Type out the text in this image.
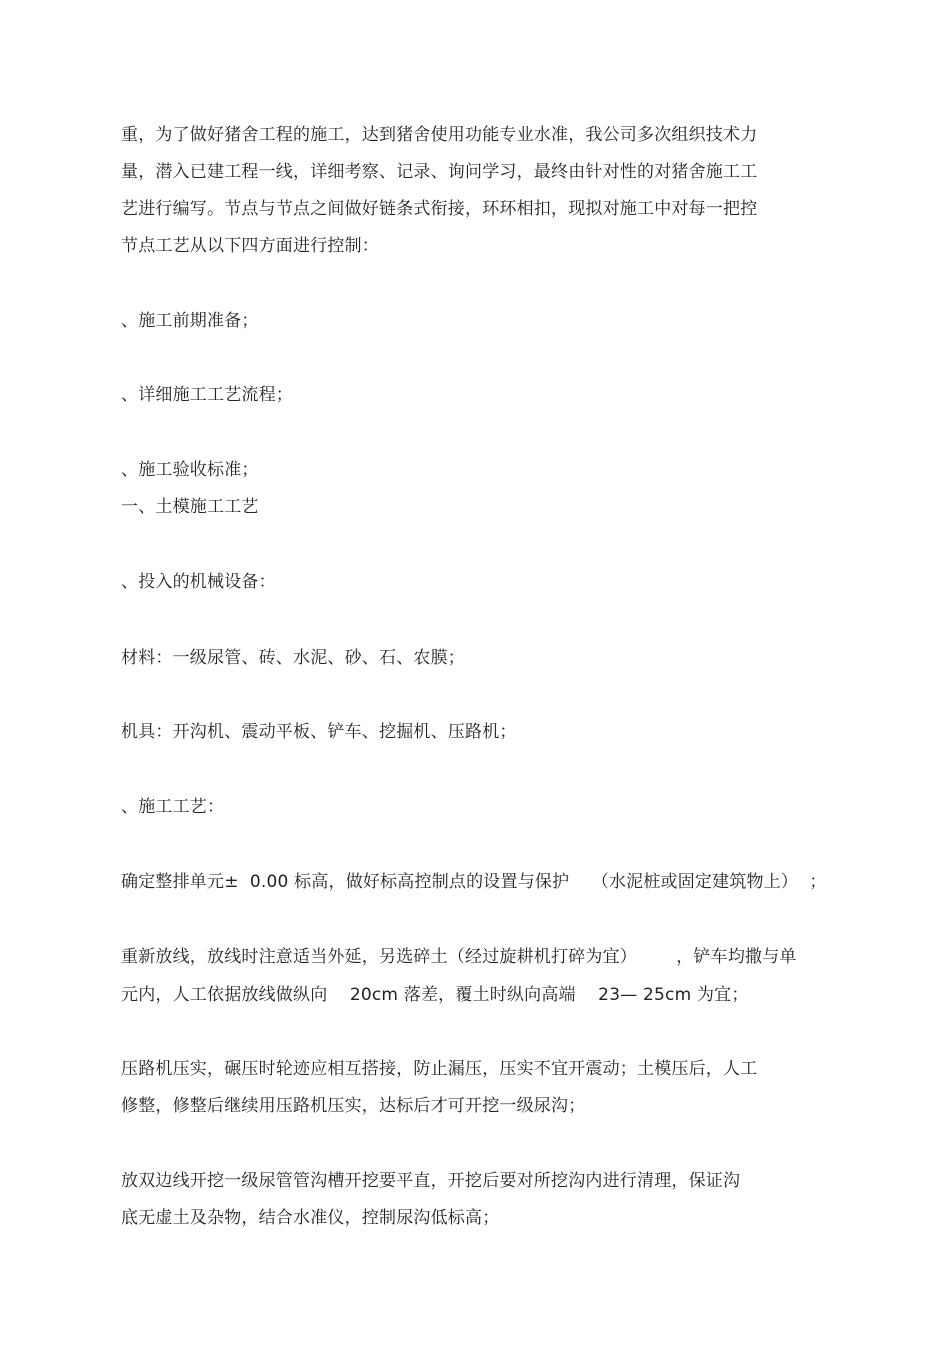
重，为了做好猪舍工程的施工，达到猪舍使用功能专业水准，我公司多次组织技术力
量，潜入已建工程一线，详细考察、记录、询问学习，最终由针对性的对猪舍施工工
艺进行编写。节点与节点之间做好链条式衔接，环环相扣，现拟对施工中对每一把控
节点工艺从以下四方面进行控制：
、施工前期准备；
、详细施工工艺流程；
、施工验收标准；
一、土模施工工艺
、投入的机械设备：
材料：一级尿管、砖、水泥、砂、石、农膜；
机具：开沟机、震动平板、铲车、挖掘机、压路机；
、施工工艺：
确定整排单元±  0.00 标高，做好标高控制点的设置与保护    （水泥桩或固定建筑物上）  ；
重新放线，放线时注意适当外延，另选碎土（经过旋耕机打碎为宜）       ，铲车均撒与单
元内，人工依据放线做纵向    20cm 落差，覆土时纵向高端    23— 25cm 为宜；
压路机压实，碾压时轮迹应相互搭接，防止漏压，压实不宜开震动；土模压后，人工
修整，修整后继续用压路机压实，达标后才可开挖一级尿沟；
放双边线开挖一级尿管管沟槽开挖要平直，开挖后要对所挖沟内进行清理，保证沟
底无虚土及杂物，结合水准仪，控制尿沟低标高；
